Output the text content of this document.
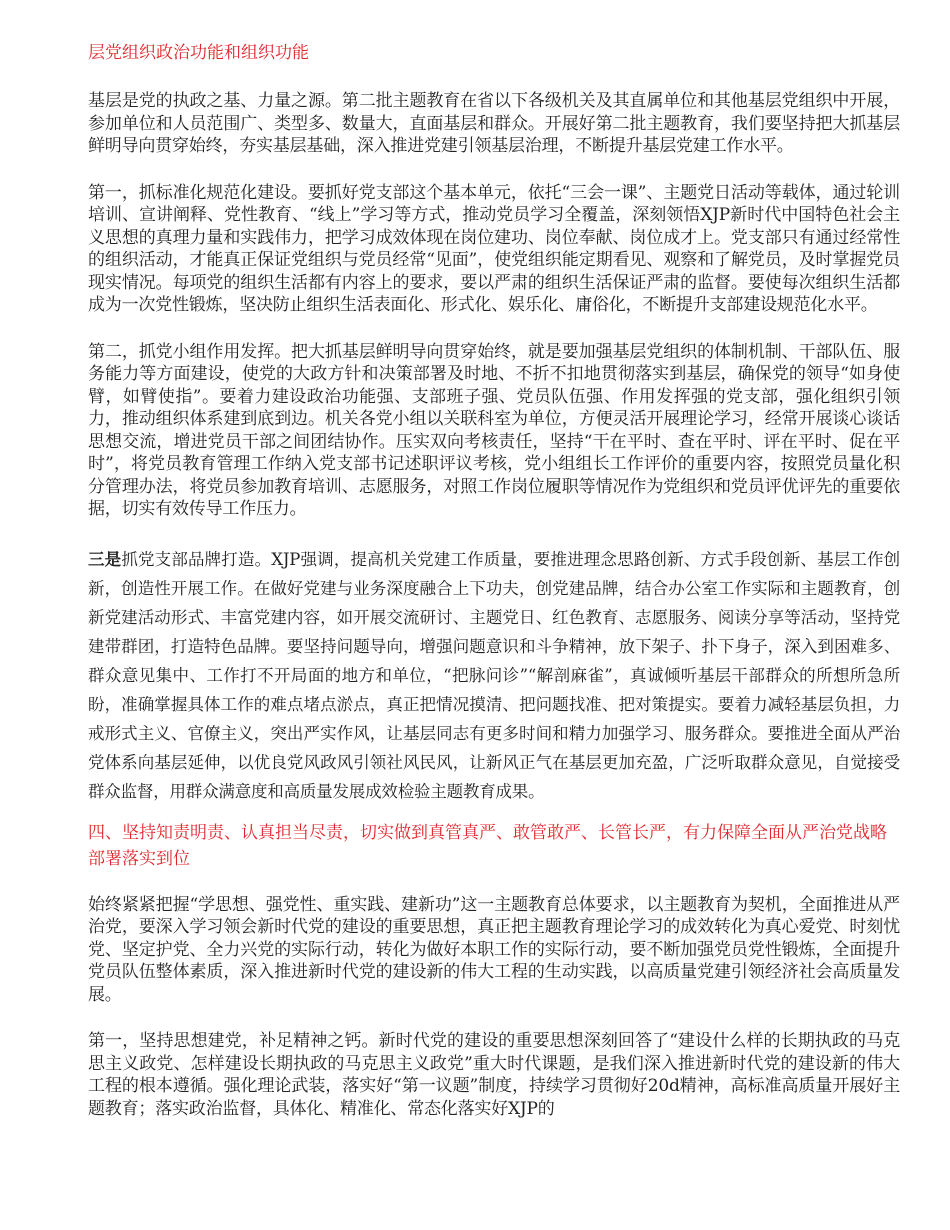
层党组织政治功能和组织功能

基层是党的执政之基、力量之源。第二批主题教育在省以下各级机关及其直属单位和其他基层党组织中开展，参加单位和人员范围广、类型多、数量大，直面基层和群众。开展好第二批主题教育，我们要坚持把大抓基层鲜明导向贯穿始终，夯实基层基础，深入推进党建引领基层治理，不断提升基层党建工作水平。

第一，抓标准化规范化建设。要抓好党支部这个基本单元，依托“三会一课”、主题党日活动等载体，通过轮训培训、宣讲阐释、党性教育、“线上”学习等方式，推动党员学习全覆盖，深刻领悟XJP新时代中国特色社会主义思想的真理力量和实践伟力，把学习成效体现在岗位建功、岗位奉献、岗位成才上。党支部只有通过经常性的组织活动，才能真正保证党组织与党员经常“见面”，使党组织能定期看见、观察和了解党员，及时掌握党员现实情况。每项党的组织生活都有内容上的要求，要以严肃的组织生活保证严肃的监督。要使每次组织生活都成为一次党性锻炼，坚决防止组织生活表面化、形式化、娱乐化、庸俗化，不断提升支部建设规范化水平。

第二，抓党小组作用发挥。把大抓基层鲜明导向贯穿始终，就是要加强基层党组织的体制机制、干部队伍、服务能力等方面建设，使党的大政方针和决策部署及时地、不折不扣地贯彻落实到基层，确保党的领导“如身使臂，如臂使指”。要着力建设政治功能强、支部班子强、党员队伍强、作用发挥强的党支部，强化组织引领力，推动组织体系建到底到边。机关各党小组以关联科室为单位，方便灵活开展理论学习，经常开展谈心谈话思想交流，增进党员干部之间团结协作。压实双向考核责任，坚持“干在平时、查在平时、评在平时、促在平时”，将党员教育管理工作纳入党支部书记述职评议考核，党小组组长工作评价的重要内容，按照党员量化积分管理办法，将党员参加教育培训、志愿服务，对照工作岗位履职等情况作为党组织和党员评优评先的重要依据，切实有效传导工作压力。

三是抓党支部品牌打造。XJP强调，提高机关党建工作质量，要推进理念思路创新、方式手段创新、基层工作创新，创造性开展工作。在做好党建与业务深度融合上下功夫，创党建品牌，结合办公室工作实际和主题教育，创新党建活动形式、丰富党建内容，如开展交流研讨、主题党日、红色教育、志愿服务、阅读分享等活动，坚持党建带群团，打造特色品牌。要坚持问题导向，增强问题意识和斗争精神，放下架子、扑下身子，深入到困难多、群众意见集中、工作打不开局面的地方和单位，“把脉问诊”“解剖麻雀”，真诚倾听基层干部群众的所想所急所盼，准确掌握具体工作的难点堵点淤点，真正把情况摸清、把问题找准、把对策提实。要着力减轻基层负担，力戒形式主义、官僚主义，突出严实作风，让基层同志有更多时间和精力加强学习、服务群众。要推进全面从严治党体系向基层延伸，以优良党风政风引领社风民风，让新风正气在基层更加充盈，广泛听取群众意见，自觉接受群众监督，用群众满意度和高质量发展成效检验主题教育成果。

四、坚持知责明责、认真担当尽责，切实做到真管真严、敢管敢严、长管长严，有力保障全面从严治党战略部署落实到位

始终紧紧把握“学思想、强党性、重实践、建新功”这一主题教育总体要求，以主题教育为契机，全面推进从严治党，要深入学习领会新时代党的建设的重要思想，真正把主题教育理论学习的成效转化为真心爱党、时刻忧党、坚定护党、全力兴党的实际行动，转化为做好本职工作的实际行动，要不断加强党员党性锻炼，全面提升党员队伍整体素质，深入推进新时代党的建设新的伟大工程的生动实践，以高质量党建引领经济社会高质量发展。

第一，坚持思想建党，补足精神之钙。新时代党的建设的重要思想深刻回答了“建设什么样的长期执政的马克思主义政党、怎样建设长期执政的马克思主义政党”重大时代课题，是我们深入推进新时代党的建设新的伟大工程的根本遵循。强化理论武装，落实好“第一议题”制度，持续学习贯彻好20d精神，高标准高质量开展好主题教育；落实政治监督，具体化、精准化、常态化落实好XJP的
